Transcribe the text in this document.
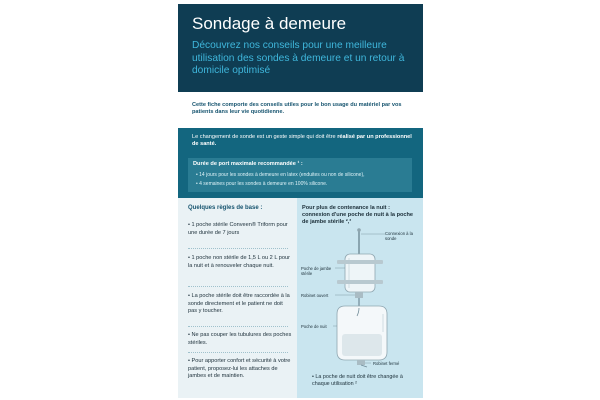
Sondage à demeure
Découvrez nos conseils pour une meilleure utilisation des sondes à demeure et un retour à domicile optimisé
Cette fiche comporte des conseils utiles pour le bon usage du matériel par vos patients dans leur vie quotidienne.
Le changement de sonde est un geste simple qui doit être réalisé par un professionnel de santé.
Durée de port maximale recommandée ¹ :
• 14 jours pour les sondes à demeure en latex (enduites ou non de silicone),
• 4 semaines pour les sondes à demeure en 100% silicone.
Quelques règles de base :
• 1 poche stérile Conveen® Triform pour une durée de 7 jours
• 1 poche non stérile de 1,5 L ou 2 L pour la nuit et à renouveler chaque nuit.
• La poche stérile doit être raccordée à la sonde directement et le patient ne doit pas y toucher.
• Ne pas couper les tubulures des poches stériles.
• Pour apporter confort et sécurité à votre patient, proposez-lui les attaches de jambes et de maintien.
Pour plus de contenance la nuit : connexion d'une poche de nuit à la poche de jambe stérile ²,³
Connexion à la sonde
Poche de jambe stérile
Robinet ouvert
Poche de nuit
Robinet fermé
• La poche de nuit doit être changée à chaque utilisation ²
